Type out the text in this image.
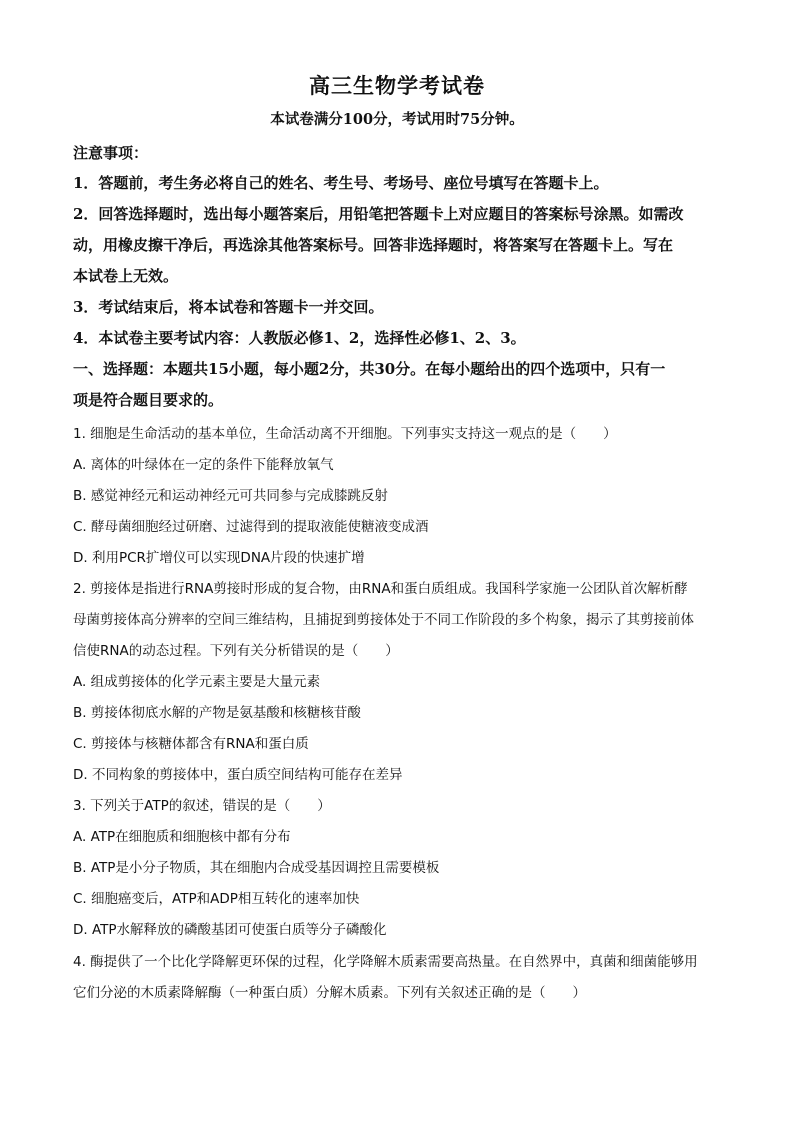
高三生物学考试卷
本试卷满分100分，考试用时75分钟。
注意事项：
1．答题前，考生务必将自己的姓名、考生号、考场号、座位号填写在答题卡上。
2．回答选择题时，选出每小题答案后，用铅笔把答题卡上对应题目的答案标号涂黑。如需改
动，用橡皮擦干净后，再选涂其他答案标号。回答非选择题时，将答案写在答题卡上。写在
本试卷上无效。
3．考试结束后，将本试卷和答题卡一并交回。
4．本试卷主要考试内容：人教版必修1、2，选择性必修1、2、3。
一、选择题：本题共15小题，每小题2分，共30分。在每小题给出的四个选项中，只有一
项是符合题目要求的。
1. 细胞是生命活动的基本单位，生命活动离不开细胞。下列事实支持这一观点的是（　　）
A. 离体的叶绿体在一定的条件下能释放氧气
B. 感觉神经元和运动神经元可共同参与完成膝跳反射
C. 酵母菌细胞经过研磨、过滤得到的提取液能使糖液变成酒
D. 利用PCR扩增仪可以实现DNA片段的快速扩增
2. 剪接体是指进行RNA剪接时形成的复合物，由RNA和蛋白质组成。我国科学家施一公团队首次解析酵
母菌剪接体高分辨率的空间三维结构，且捕捉到剪接体处于不同工作阶段的多个构象，揭示了其剪接前体
信使RNA的动态过程。下列有关分析错误的是（　　）
A. 组成剪接体的化学元素主要是大量元素
B. 剪接体彻底水解的产物是氨基酸和核糖核苷酸
C. 剪接体与核糖体都含有RNA和蛋白质
D. 不同构象的剪接体中，蛋白质空间结构可能存在差异
3. 下列关于ATP的叙述，错误的是（　　）
A. ATP在细胞质和细胞核中都有分布
B. ATP是小分子物质，其在细胞内合成受基因调控且需要模板
C. 细胞癌变后，ATP和ADP相互转化的速率加快
D. ATP水解释放的磷酸基团可使蛋白质等分子磷酸化
4. 酶提供了一个比化学降解更环保的过程，化学降解木质素需要高热量。在自然界中，真菌和细菌能够用
它们分泌的木质素降解酶（一种蛋白质）分解木质素。下列有关叙述正确的是（　　）
